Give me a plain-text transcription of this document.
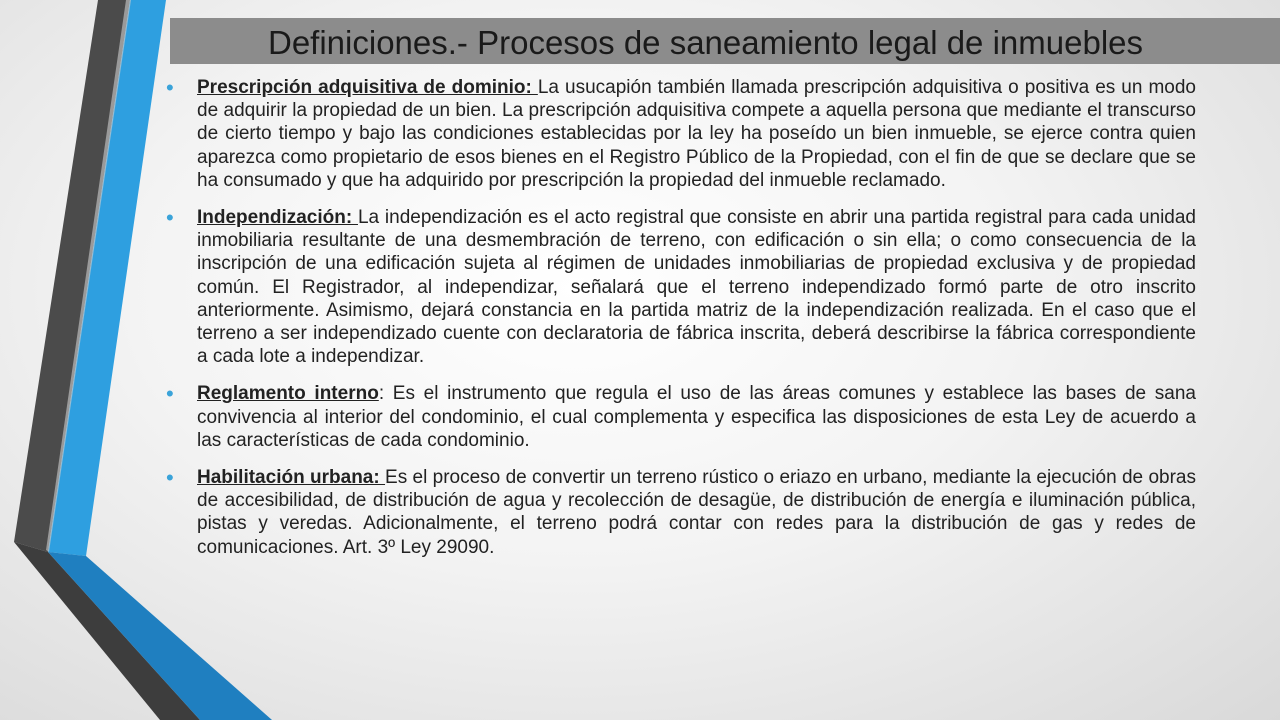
Definiciones.- Procesos de saneamiento legal de inmuebles
• Prescripción adquisitiva de dominio: La usucapión también llamada prescripción adquisitiva o positiva es un modo de adquirir la propiedad de un bien. La prescripción adquisitiva compete a aquella persona que mediante el transcurso de cierto tiempo y bajo las condiciones establecidas por la ley ha poseído un bien inmueble, se ejerce contra quien aparezca como propietario de esos bienes en el Registro Público de la Propiedad, con el fin de que se declare que se ha consumado y que ha adquirido por prescripción la propiedad del inmueble reclamado.
• Independización: La independización es el acto registral que consiste en abrir una partida registral para cada unidad inmobiliaria resultante de una desmembración de terreno, con edificación o sin ella; o como consecuencia de la inscripción de una edificación sujeta al régimen de unidades inmobiliarias de propiedad exclusiva y de propiedad común. El Registrador, al independizar, señalará que el terreno independizado formó parte de otro inscrito anteriormente. Asimismo, dejará constancia en la partida matriz de la independización realizada. En el caso que el terreno a ser independizado cuente con declaratoria de fábrica inscrita, deberá describirse la fábrica correspondiente a cada lote a independizar.
• Reglamento interno: Es el instrumento que regula el uso de las áreas comunes y establece las bases de sana convivencia al interior del condominio, el cual complementa y especifica las disposiciones de esta Ley de acuerdo a las características de cada condominio.
• Habilitación urbana: Es el proceso de convertir un terreno rústico o eriazo en urbano, mediante la ejecución de obras de accesibilidad, de distribución de agua y recolección de desagüe, de distribución de energía e iluminación pública, pistas y veredas. Adicionalmente, el terreno podrá contar con redes para la distribución de gas y redes de comunicaciones. Art. 3º Ley 29090.
